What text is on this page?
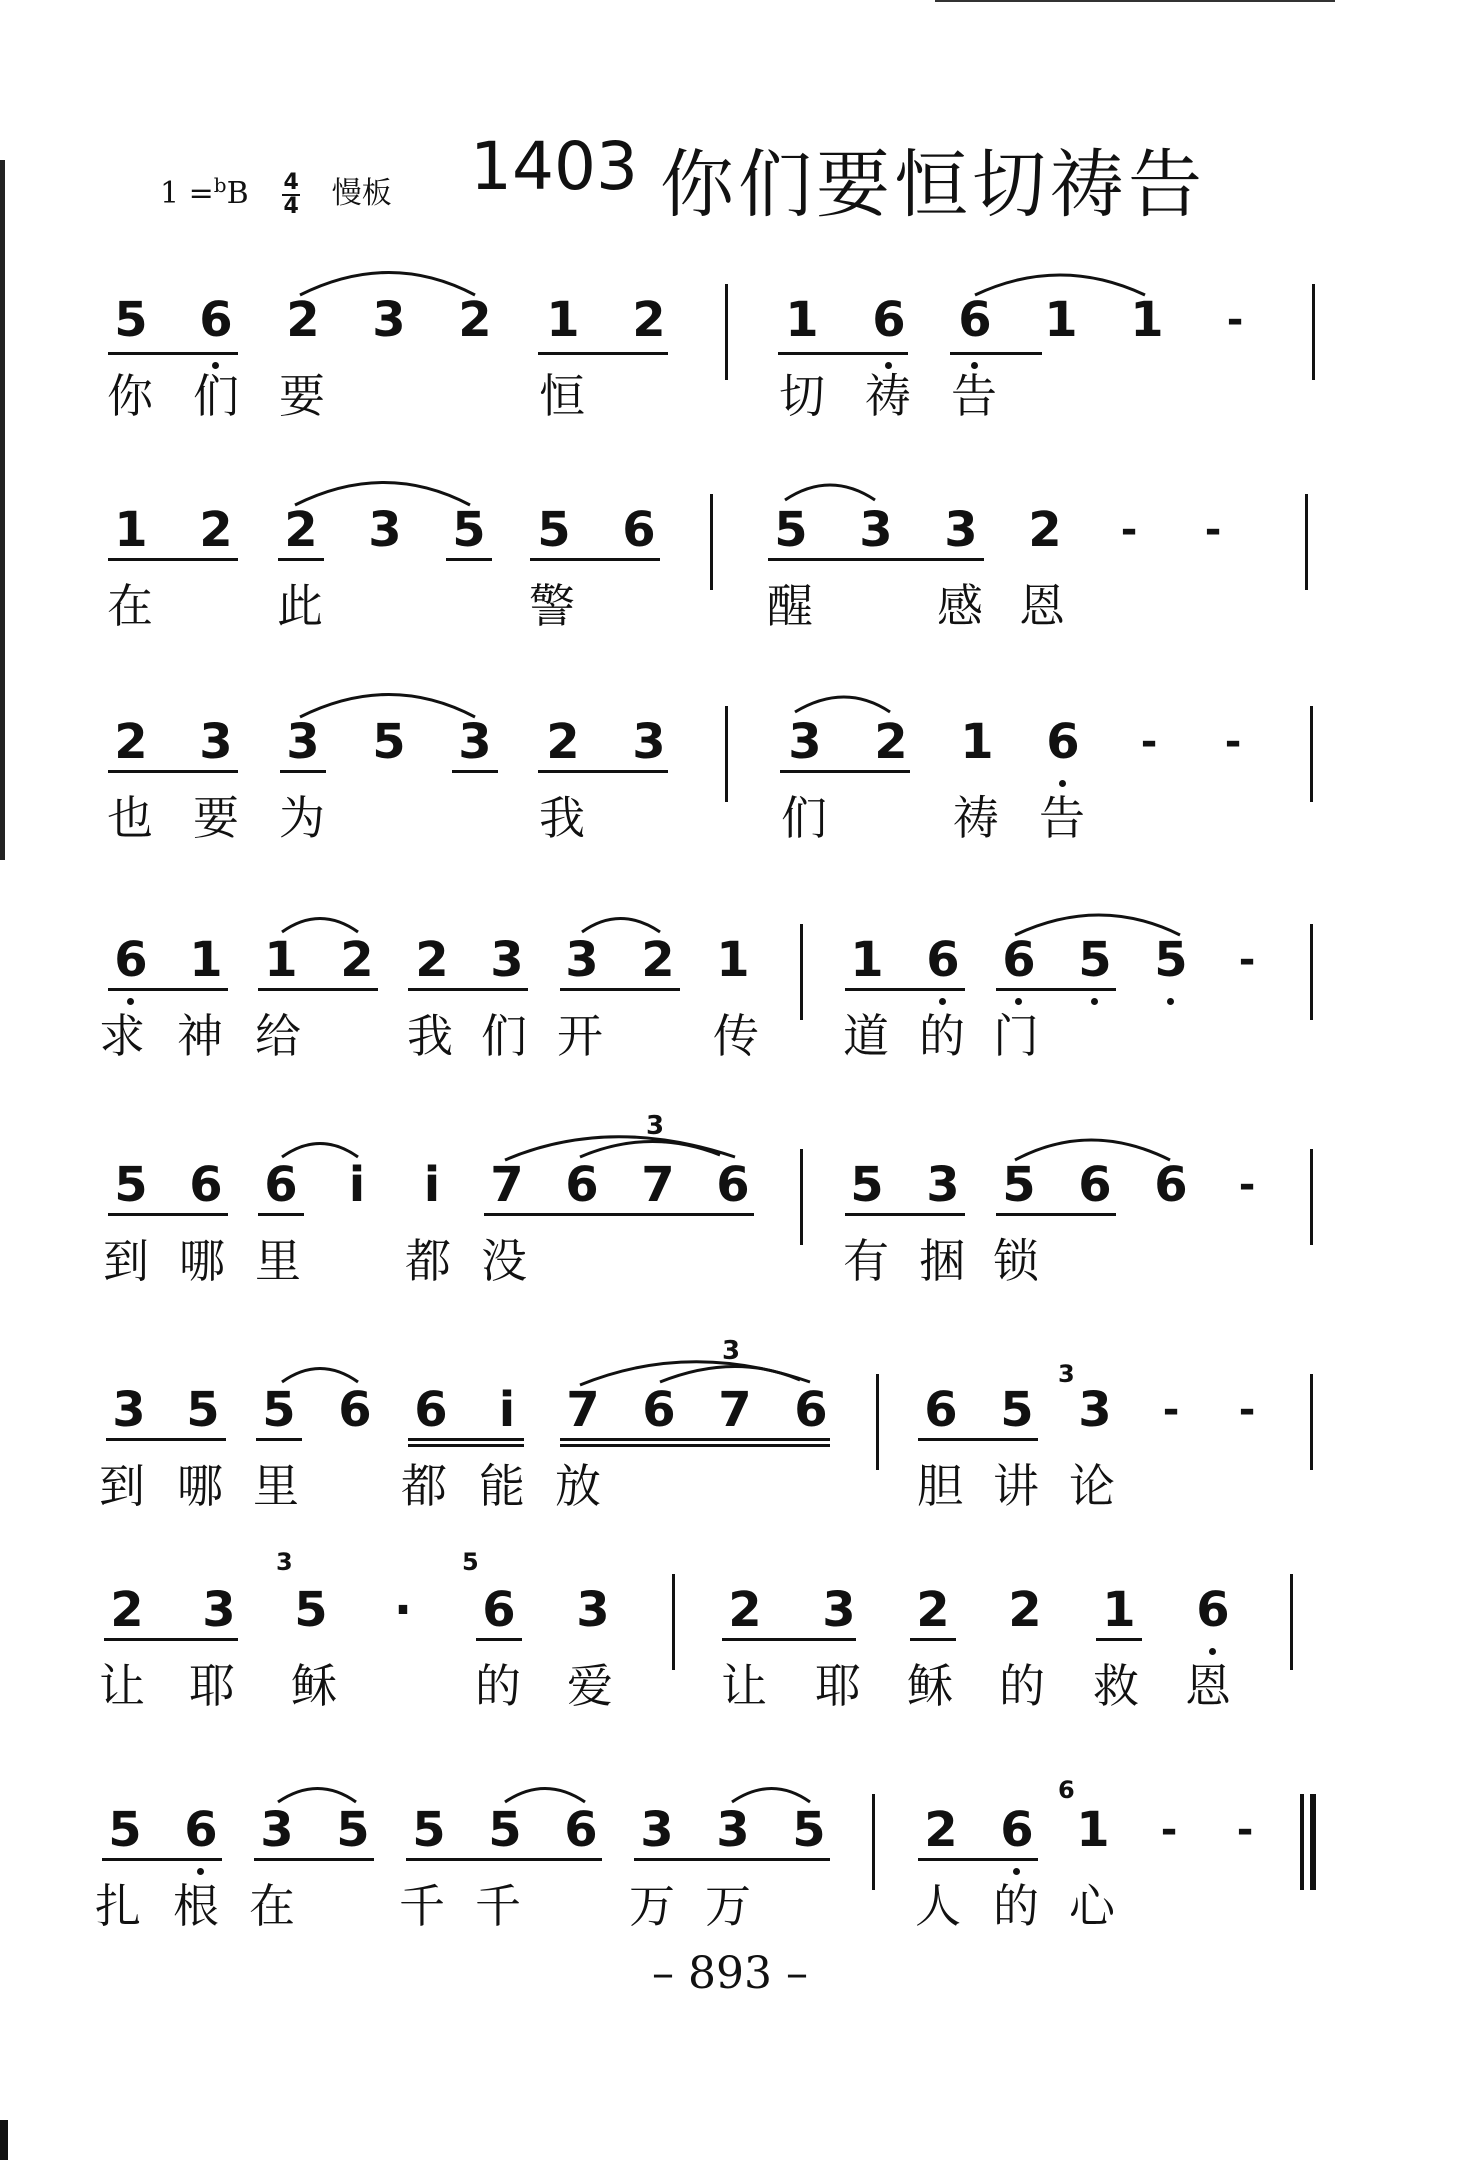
$1 =^bB \frac{4}{4}$ 慢板 1403 你们要恒切祷告
5 6 2 3 2 1 2 1 6 6 1 1	-
你 们 要	恒	切 祷 告
1 2 2 3 5 5 6 5 3 3 2	-	-
在	此	警	醒	感 恩
2 3 3 5 3 2 3	3 2 1 6	-	-
也 要 为	我	们	祷 告
6 1 1 2 2 3 3 2 1 1 6 6 5 5	-
求 神 给 我 们 开 传 道 的 门
3
5 6 6	i	i	7 6 7 6 5 3 5 6 6	-
到 哪 里 都 没	有 捆 锁
3
3
3 5 5 6 6	i	7 6 7 6 6 5 3	-	-
到 哪 里 都 能 放	胆 讲 论
3	5
2 3 5	·	6 3 2 3 2 2 1 6
让 耶 稣	的 爱 让 耶 稣 的 救 恩
6
5 6 3 5 5 5 6 3 3 5 2 6 1	-	-
扎 根 在 千 千 万 万	人 的 心
– 893 –
